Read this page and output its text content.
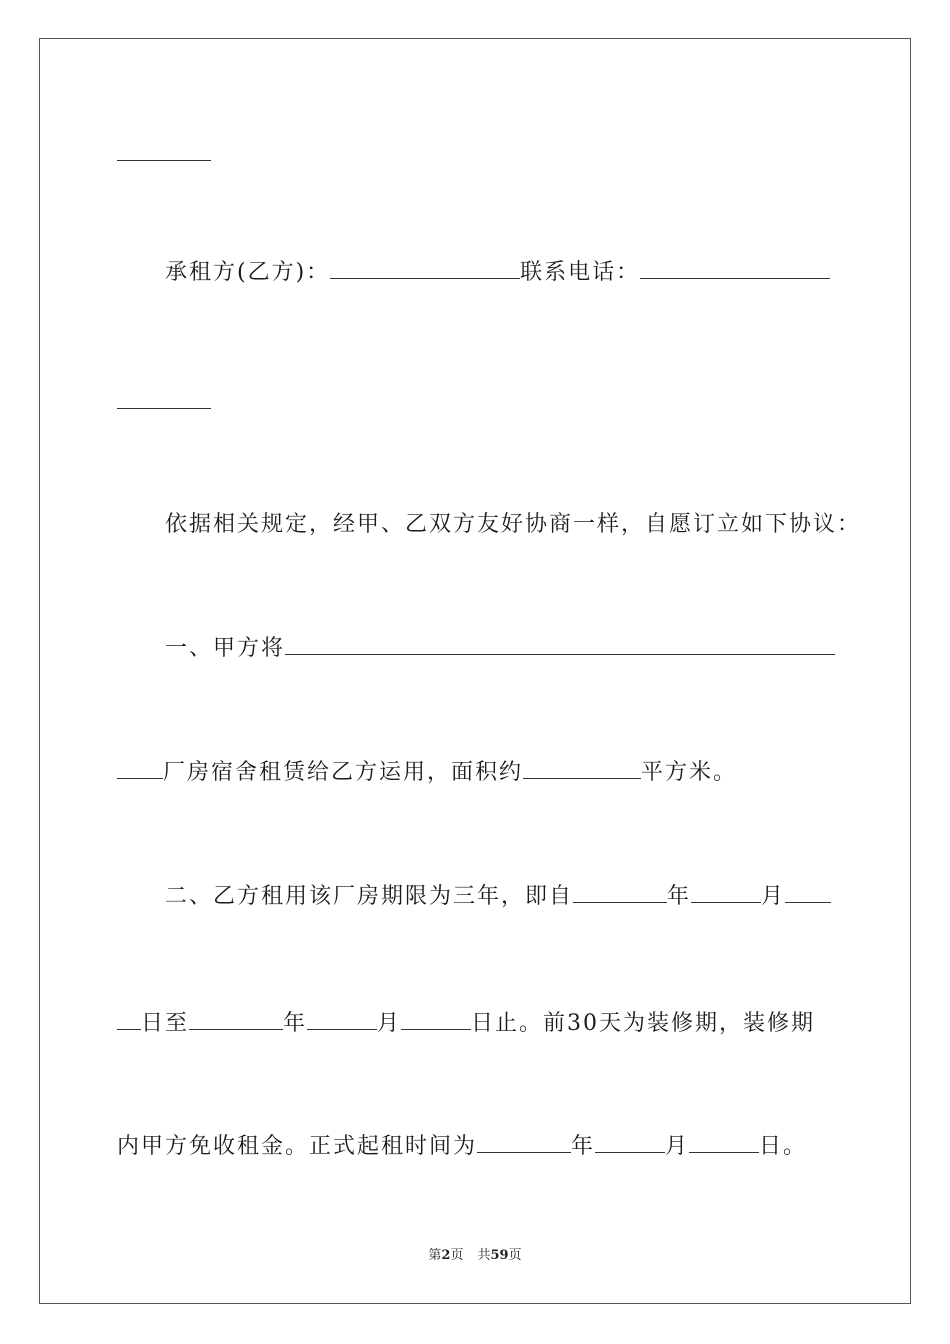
承租方(乙方)：	联系电话：
依据相关规定，经甲、乙双方友好协商一样，自愿订立如下协议：
一、甲方将
厂房宿舍租赁给乙方运用，面积约	平方米。
二、乙方租用该厂房期限为三年，即自	年	月
日至	年	月	日止。前30天为装修期，装修期
内甲方免收租金。正式起租时间为	年	月	日。
第2页 共59页
